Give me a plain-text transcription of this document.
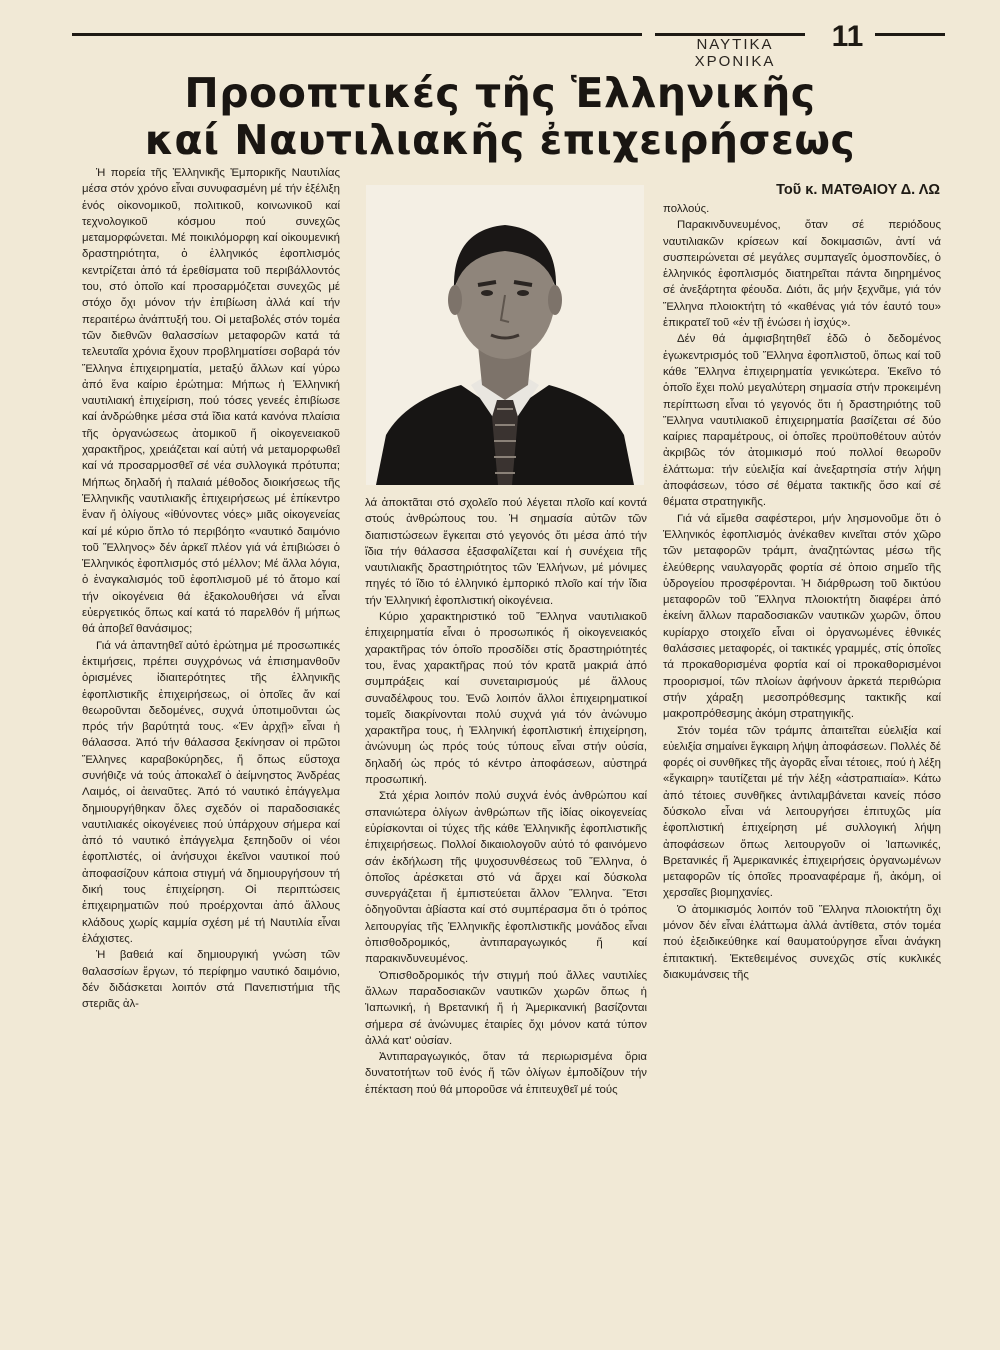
ΝΑΥΤΙΚΑ ΧΡΟΝΙΚΑ
11
Προοπτικές τῆς Ἑλληνικῆς
καί Ναυτιλιακῆς ἐπιχειρήσεως
Τοῦ κ. ΜΑΤΘΑΙΟΥ Δ. ΛΩ

Ἡ πορεία τῆς Ἑλληνικῆς Ἐμπορικῆς Ναυτιλίας μέσα στόν χρόνο εἶναι συνυφασμένη μέ τήν ἐξέλιξη ἑνός οἰκονομικοῦ, πολιτικοῦ, κοινωνικοῦ καί τεχνολογικοῦ κόσμου πού συνεχῶς μεταμορφώνεται. Μέ ποικιλόμορφη καί οἰκουμενική δραστηριότητα, ὁ ἑλληνικός ἐφοπλισμός κεντρίζεται ἀπό τά ἐρεθίσματα τοῦ περιβάλλοντός του, στό ὁποῖο καί προσαρμόζεται συνεχῶς μέ στόχο ὄχι μόνον τήν ἐπιβίωση ἀλλά καί τήν περαιτέρω ἀνάπτυξή του. Οἱ μεταβολές στόν τομέα τῶν διεθνῶν θαλασσίων μεταφορῶν κατά τά τελευταῖα χρόνια ἔχουν προβληματίσει σοβαρά τόν Ἕλληνα ἐπιχειρηματία, μεταξύ ἄλλων καί γύρω ἀπό ἕνα καίριο ἐρώτημα: Μήπως ἡ Ἑλληνική ναυτιλιακή ἐπιχείριση, πού τόσες γενεές ἐπιβίωσε καί ἀνδρώθηκε μέσα στά ἴδια κατά κανόνα πλαίσια τῆς ὀργανώσεως ἀτομικοῦ ἤ οἰκογενειακοῦ χαρακτῆρος, χρειάζεται καί αὐτή νά μεταμορφωθεῖ καί νά προσαρμοσθεῖ σέ νέα συλλογικά πρότυπα; Μήπως δηλαδή ἡ παλαιά μέθοδος διοικήσεως τῆς Ἑλληνικῆς ναυτιλιακῆς ἐπιχειρήσεως μέ ἐπίκεντρο ἕναν ἤ ὀλίγους «ἰθύνοντες νόες» μιᾶς οἰκογενείας καί μέ κύριο ὅπλο τό περιβόητο «ναυτικό δαιμόνιο τοῦ Ἕλληνος» δέν ἀρκεῖ πλέον γιά νά ἐπιβιώσει ὁ Ἑλληνικός ἐφοπλισμός στό μέλλον; Μέ ἄλλα λόγια, ὁ ἐναγκαλισμός τοῦ ἐφοπλισμοῦ μέ τό ἄτομο καί τήν οἰκογένεια θά ἐξακολουθήσει νά εἶναι εὐεργετικός ὅπως καί κατά τό παρελθόν ἤ μήπως θά ἀποβεῖ θανάσιμος;

Γιά νά ἀπαντηθεῖ αὐτό ἐρώτημα μέ προσωπικές ἐκτιμήσεις, πρέπει συγχρόνως νά ἐπισημανθοῦν ὁρισμένες ἰδιαιτερότητες τῆς ἑλληνικῆς ἐφοπλιστικῆς ἐπιχειρήσεως, οἱ ὁποῖες ἄν καί θεωροῦνται δεδομένες, συχνά ὑποτιμοῦνται ὡς πρός τήν βαρύτητά τους. «Ἐν ἀρχῇ» εἶναι ἡ θάλασσα. Ἀπό τήν θάλασσα ξεκίνησαν οἱ πρῶτοι Ἕλληνες καραβοκύρηδες, ἤ ὅπως εὔστοχα συνήθιζε νά τούς ἀποκαλεῖ ὁ ἀείμνηστος Ἀνδρέας Λαιμός, οἱ ἀειναῦτες. Ἀπό τό ναυτικό ἐπάγγελμα δημιουργήθηκαν ὅλες σχεδόν οἱ παραδοσιακές ναυτιλιακές οἰκογένειες πού ὑπάρχουν σήμερα καί ἀπό τό ναυτικό ἐπάγγελμα ξεπηδοῦν οἱ νέοι ἐφοπλιστές, οἱ ἀνήσυχοι ἐκεῖνοι ναυτικοί πού ἀποφασίζουν κάποια στιγμή νά δημιουργήσουν τή δική τους ἐπιχείρηση. Οἱ περιπτώσεις ἐπιχειρηματιῶν πού προέρχονται ἀπό ἄλλους κλάδους χωρίς καμμία σχέση μέ τή Ναυτιλία εἶναι ἐλάχιστες.

Ἡ βαθειά καί δημιουργική γνώση τῶν θαλασσίων ἔργων, τό περίφημο ναυτικό δαιμόνιο, δέν διδάσκεται λοιπόν στά Πανεπιστήμια τῆς στεριᾶς ἀλ-

λά ἀποκτᾶται στό σχολεῖο πού λέγεται πλοῖο καί κοντά στούς ἀνθρώπους του. Ἡ σημασία αὐτῶν τῶν διαπιστώσεων ἔγκειται στό γεγονός ὅτι μέσα ἀπό τήν ἴδια τήν θάλασσα ἐξασφαλίζεται καί ἡ συνέχεια τῆς ναυτιλιακῆς δραστηριότητος τῶν Ἑλλήνων, μέ μόνιμες πηγές τό ἴδιο τό ἑλληνικό ἐμπορικό πλοῖο καί τήν ἴδια τήν Ἑλληνική ἐφοπλιστική οἰκογένεια.

Κύριο χαρακτηριστικό τοῦ Ἕλληνα ναυτιλιακοῦ ἐπιχειρηματία εἶναι ὁ προσωπικός ἤ οἰκογενειακός χαρακτῆρας τόν ὁποῖο προσδίδει στίς δραστηριότητές του, ἕνας χαρακτῆρας πού τόν κρατᾶ μακριά ἀπό συμπράξεις καί συνεταιρισμούς μέ ἄλλους συναδέλφους του. Ἐνῶ λοιπόν ἄλλοι ἐπιχειρηματικοί τομεῖς διακρίνονται πολύ συχνά γιά τόν ἀνώνυμο χαρακτῆρα τους, ἡ Ἑλληνική ἐφοπλιστική ἐπιχείρηση, ἀνώνυμη ὡς πρός τούς τύπους εἶναι στήν οὐσία, δηλαδή ὡς πρός τό κέντρο ἀποφάσεων, αὐστηρά προσωπική.

Στά χέρια λοιπόν πολύ συχνά ἑνός ἀνθρώπου καί σπανιώτερα ὀλίγων ἀνθρώπων τῆς ἰδίας οἰκογενείας εὑρίσκονται οἱ τύχες τῆς κάθε Ἑλληνικῆς ἐφοπλιστικῆς ἐπιχειρήσεως. Πολλοί δικαιολογοῦν αὐτό τό φαινόμενο σάν ἐκδήλωση τῆς ψυχοσυνθέσεως τοῦ Ἕλληνα, ὁ ὁποῖος ἀρέσκεται στό νά ἄρχει καί δύσκολα συνεργάζεται ἤ ἐμπιστεύεται ἄλλον Ἕλληνα. Ἔτσι ὁδηγοῦνται ἀβίαστα καί στό συμπέρασμα ὅτι ὁ τρόπος λειτουργίας τῆς Ἑλληνικῆς ἐφοπλιστικῆς μονάδος εἶναι ὀπισθοδρομικός, ἀντιπαραγωγικός ἤ καί παρακινδυνευμένος.

Ὀπισθοδρομικός τήν στιγμή πού ἄλλες ναυτιλίες ἄλλων παραδοσιακῶν ναυτικῶν χωρῶν ὅπως ἡ Ἰαπωνική, ἡ Βρετανική ἤ ἡ Ἀμερικανική βασίζονται σήμερα σέ ἀνώνυμες ἑταιρίες ὄχι μόνον κατά τύπον ἀλλά κατ' οὐσίαν.

Ἀντιπαραγωγικός, ὅταν τά περιωρισμένα ὅρια δυνατοτήτων τοῦ ἑνός ἤ τῶν ὀλίγων ἐμποδίζουν τήν ἐπέκταση πού θά μποροῦσε νά ἐπιτευχθεῖ μέ τούς

πολλούς.

Παρακινδυνευμένος, ὅταν σέ περιόδους ναυτιλιακῶν κρίσεων καί δοκιμασιῶν, ἀντί νά συσπειρώνεται σέ μεγάλες συμπαγεῖς ὁμοσπονδίες, ὁ ἑλληνικός ἐφοπλισμός διατηρεῖται πάντα διηρημένος σέ ἀνεξάρτητα φέουδα. Διότι, ἄς μήν ξεχνᾶμε, γιά τόν Ἕλληνα πλοιοκτήτη τό «καθένας γιά τόν ἑαυτό του» ἐπικρατεῖ τοῦ «ἐν τῇ ἑνώσει ἡ ἰσχύς».

Δέν θά ἀμφισβητηθεῖ ἐδῶ ὁ δεδομένος ἐγωκεντρισμός τοῦ Ἕλληνα ἐφοπλιστοῦ, ὅπως καί τοῦ κάθε Ἕλληνα ἐπιχειρηματία γενικώτερα. Ἐκεῖνο τό ὁποῖο ἔχει πολύ μεγαλύτερη σημασία στήν προκειμένη περίπτωση εἶναι τό γεγονός ὅτι ἡ δραστηριότης τοῦ Ἕλληνα ναυτιλιακοῦ ἐπιχειρηματία βασίζεται σέ δύο καίριες παραμέτρους, οἱ ὁποῖες προϋποθέτουν αὐτόν ἀκριβῶς τόν ἀτομικισμό πού πολλοί θεωροῦν ἐλάττωμα: τήν εὐελιξία καί ἀνεξαρτησία στήν λήψη ἀποφάσεων, τόσο σέ θέματα τακτικῆς ὅσο καί σέ θέματα στρατηγικῆς.

Γιά νά εἴμεθα σαφέστεροι, μήν λησμονοῦμε ὅτι ὁ Ἑλληνικός ἐφοπλισμός ἀνέκαθεν κινεῖται στόν χῶρο τῶν μεταφορῶν τράμπ, ἀναζητώντας μέσω τῆς ἐλεύθερης ναυλαγορᾶς φορτία σέ ὁποιο σημεῖο τῆς ὑδρογείου προσφέρονται. Ἡ διάρθρωση τοῦ δικτύου μεταφορῶν τοῦ Ἕλληνα πλοιοκτήτη διαφέρει ἀπό ἐκείνη ἄλλων παραδοσιακῶν ναυτικῶν χωρῶν, ὅπου κυρίαρχο στοιχεῖο εἶναι οἱ ὀργανωμένες ἐθνικές θαλάσσιες μεταφορές, οἱ τακτικές γραμμές, στίς ὁποῖες τά προκαθορισμένα φορτία καί οἱ προκαθορισμένοι προορισμοί, τῶν πλοίων ἀφήνουν ἀρκετά περιθώρια στήν χάραξη μεσοπρόθεσμης τακτικῆς καί μακροπρόθεσμης ἀκόμη στρατηγικῆς.

Στόν τομέα τῶν τράμπς ἀπαιτεῖται εὐελιξία καί εὐελιξία σημαίνει ἔγκαιρη λήψη ἀποφάσεων. Πολλές δέ φορές οἱ συνθῆκες τῆς ἀγορᾶς εἶναι τέτοιες, πού ἡ λέξη «ἔγκαιρη» ταυτίζεται μέ τήν λέξη «ἀστραπιαία». Κάτω ἀπό τέτοιες συνθῆκες ἀντιλαμβάνεται κανείς πόσο δύσκολο εἶναι νά λειτουργήσει ἐπιτυχῶς μία ἐφοπλιστική ἐπιχείρηση μέ συλλογική λήψη ἀποφάσεων ὅπως λειτουργοῦν οἱ Ἰαπωνικές, Βρετανικές ἤ Ἀμερικανικές ἐπιχειρήσεις ὀργανωμένων μεταφορῶν τίς ὁποῖες προαναφέραμε ἤ, ἀκόμη, οἱ χερσαῖες βιομηχανίες.

Ὁ ἀτομικισμός λοιπόν τοῦ Ἕλληνα πλοιοκτήτη ὄχι μόνον δέν εἶναι ἐλάττωμα ἀλλά ἀντίθετα, στόν τομέα πού ἐξειδικεύθηκε καί θαυματούργησε εἶναι ἀνάγκη ἐπιτακτική. Ἐκτεθειμένος συνεχῶς στίς κυκλικές διακυμάνσεις τῆς
